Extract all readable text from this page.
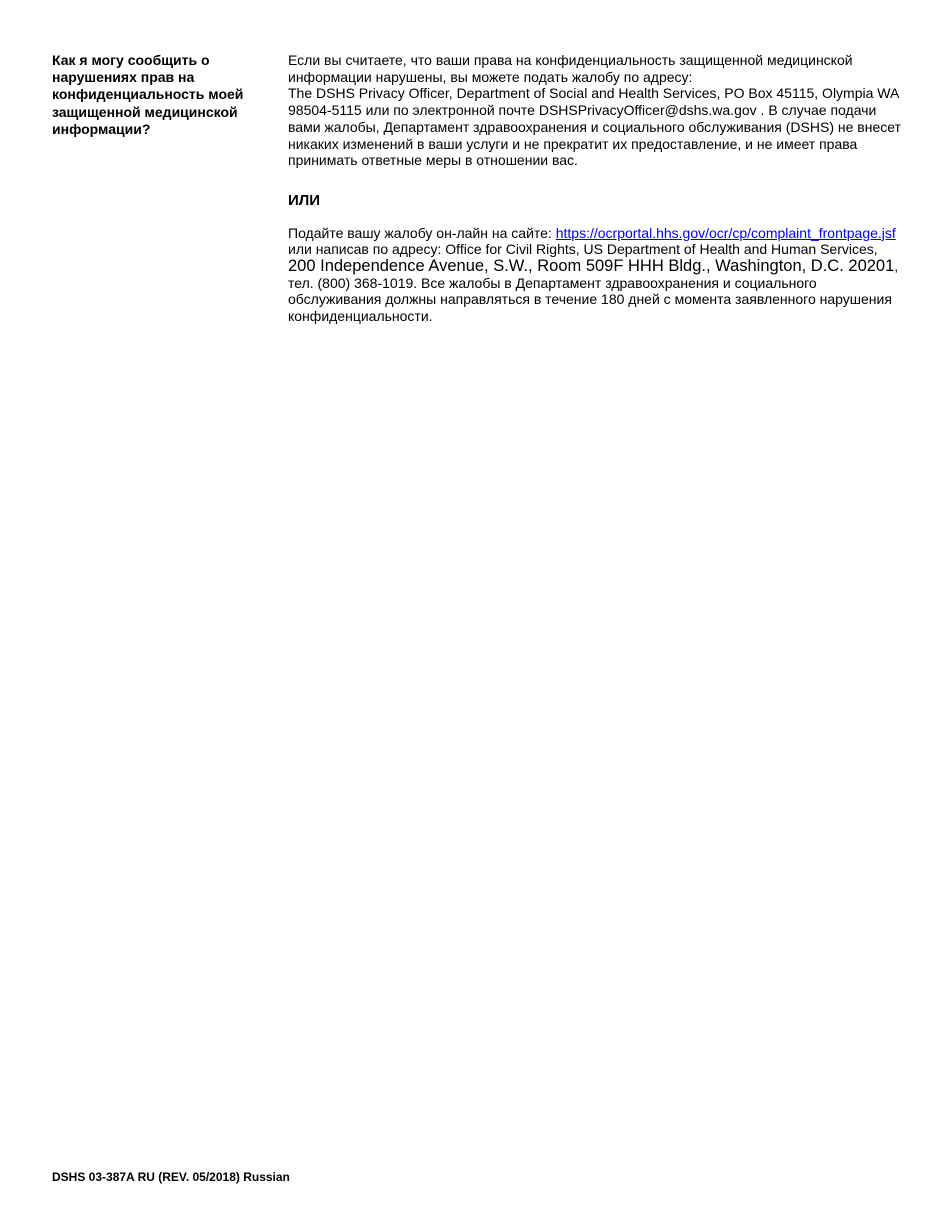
Как я могу сообщить о нарушениях прав на конфиденциальность моей защищенной медицинской информации?

Если вы считаете, что ваши права на конфиденциальность защищенной медицинской информации нарушены, вы можете подать жалобу по адресу:
The DSHS Privacy Officer, Department of Social and Health Services, PO Box 45115, Olympia WA 98504-5115 или по электронной почте DSHSPrivacyOfficer@dshs.wa.gov . В случае подачи вами жалобы, Департамент здравоохранения и социального обслуживания (DSHS) не внесет никаких изменений в ваши услуги и не прекратит их предоставление, и не имеет права принимать ответные меры в отношении вас.

ИЛИ

Подайте вашу жалобу он-лайн на сайте: https://ocrportal.hhs.gov/ocr/cp/complaint_frontpage.jsf или написав по адресу: Office for Civil Rights, US Department of Health and Human Services, 200 Independence Avenue, S.W., Room 509F HHH Bldg., Washington, D.C. 20201, тел. (800) 368-1019. Все жалобы в Департамент здравоохранения и социального обслуживания должны направляться в течение 180 дней с момента заявленного нарушения конфиденциальности.

DSHS 03-387A RU (REV. 05/2018) Russian
